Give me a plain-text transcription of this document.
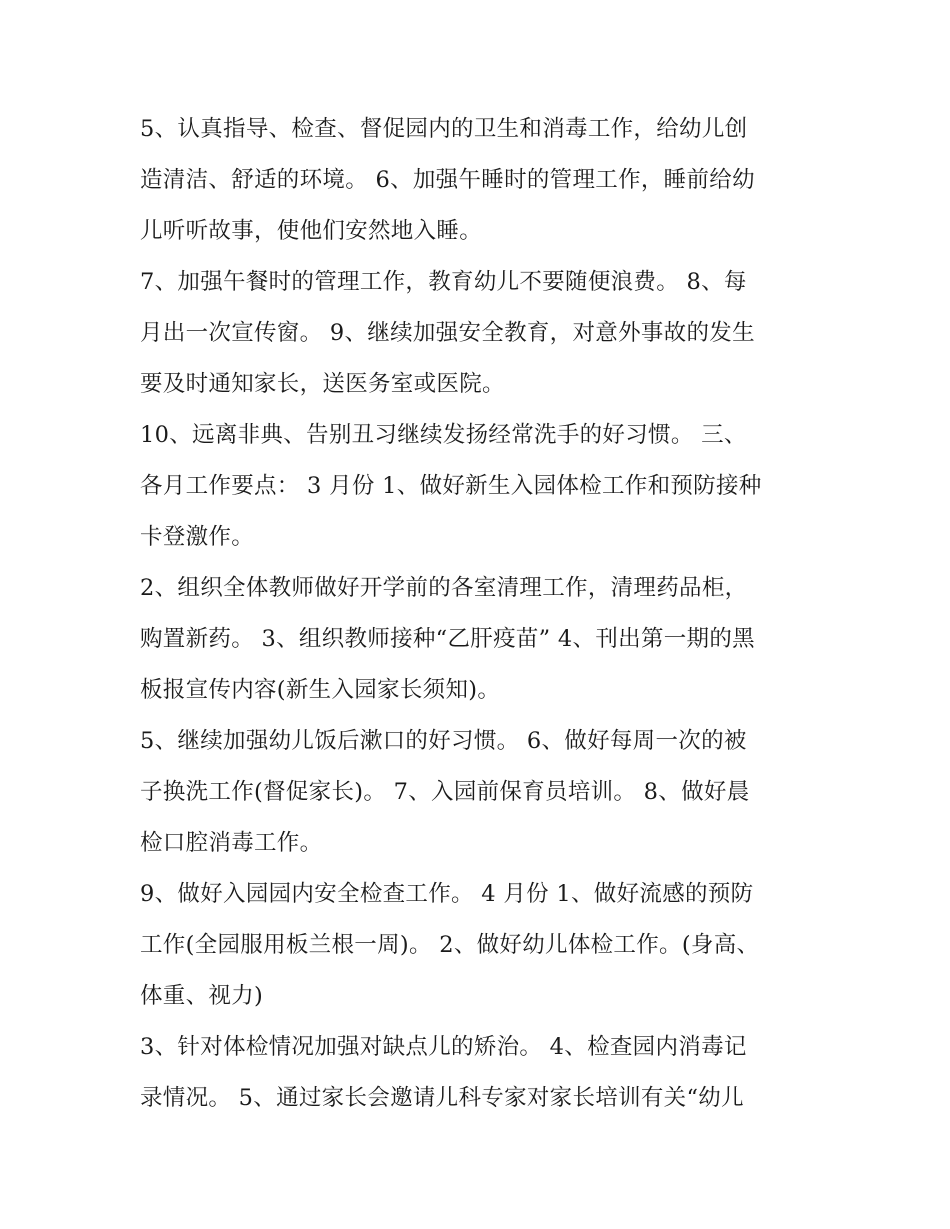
5、认真指导、检查、督促园内的卫生和消毒工作，给幼儿创
造清洁、舒适的环境。 6、加强午睡时的管理工作，睡前给幼
儿听听故事，使他们安然地入睡。

7、加强午餐时的管理工作，教育幼儿不要随便浪费。 8、每
月出一次宣传窗。 9、继续加强安全教育，对意外事故的发生
要及时通知家长，送医务室或医院。

10、远离非典、告别丑习继续发扬经常洗手的好习惯。 三、
各月工作要点： 3 月份 1、做好新生入园体检工作和预防接种
卡登激作。

2、组织全体教师做好开学前的各室清理工作，清理药品柜，
购置新药。 3、组织教师接种“乙肝疫苗” 4、刊出第一期的黑
板报宣传内容(新生入园家长须知)。

5、继续加强幼儿饭后漱口的好习惯。 6、做好每周一次的被
子换洗工作(督促家长)。 7、入园前保育员培训。 8、做好晨
检口腔消毒工作。

9、做好入园园内安全检查工作。 4 月份 1、做好流感的预防
工作(全园服用板兰根一周)。 2、做好幼儿体检工作。(身高、
体重、视力)

3、针对体检情况加强对缺点儿的矫治。 4、检查园内消毒记
录情况。 5、通过家长会邀请儿科专家对家长培训有关“幼儿
